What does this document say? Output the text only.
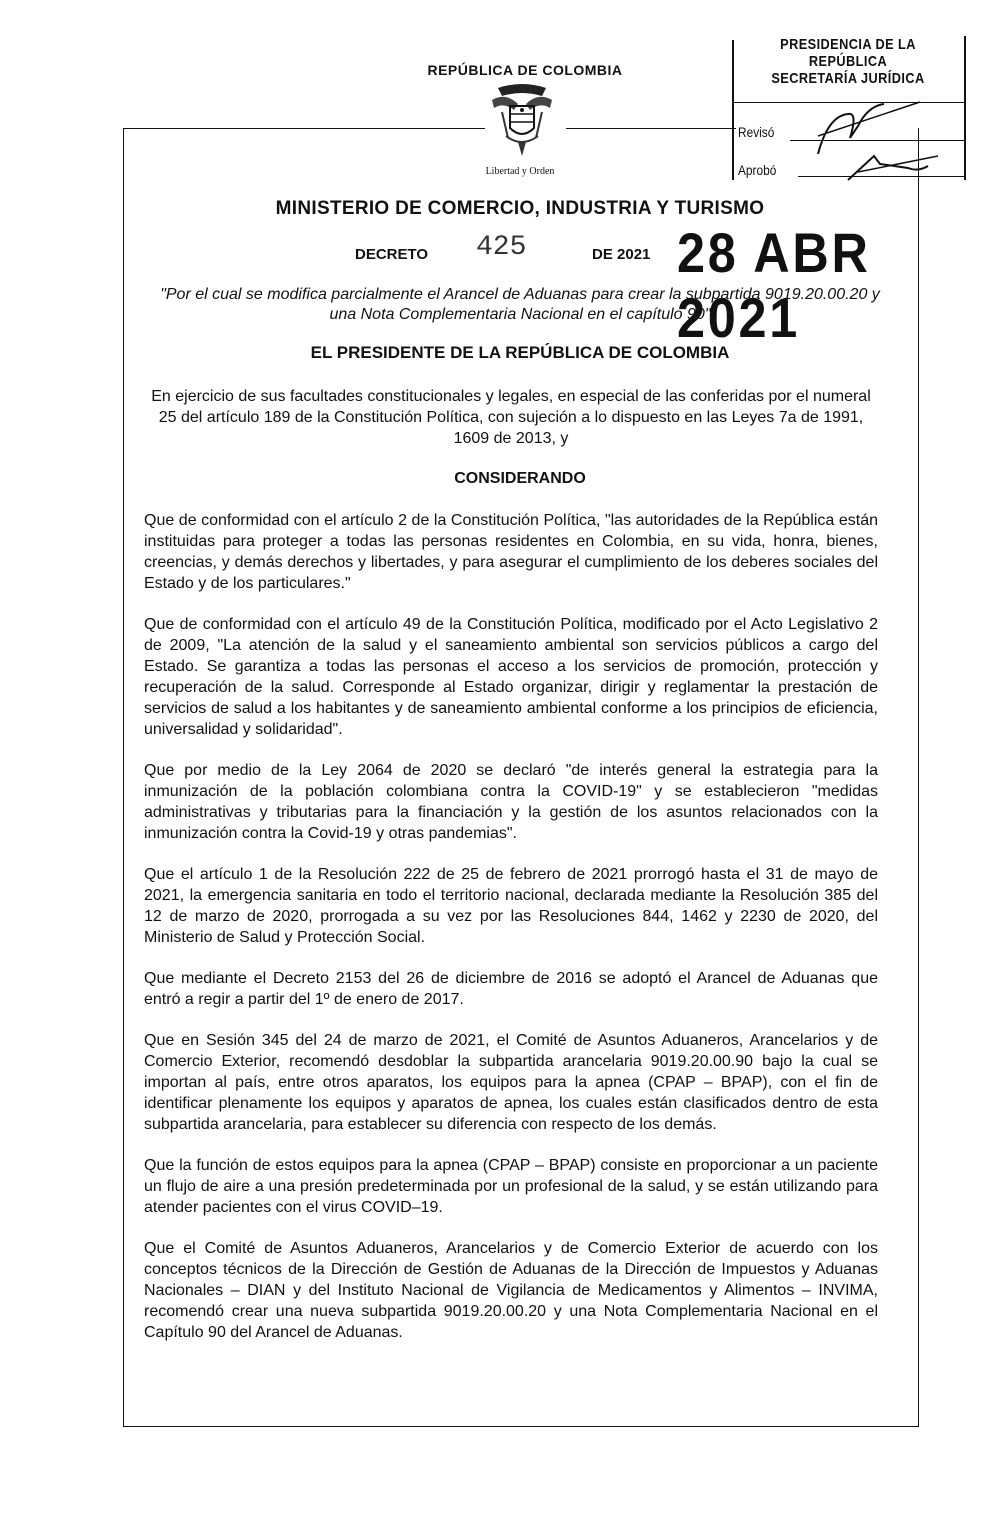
REPÚBLICA DE COLOMBIA
Libertad y Orden
PRESIDENCIA DE LA REPÚBLICA
SECRETARÍA JURÍDICA
Revisó
Aprobó
MINISTERIO DE COMERCIO, INDUSTRIA Y TURISMO
DECRETO 425	DE 2021 28 ABR 2021
"Por el cual se modifica parcialmente el Arancel de Aduanas para crear la subpartida 9019.20.00.20 y una Nota Complementaria Nacional en el capítulo 90"
EL PRESIDENTE DE LA REPÚBLICA DE COLOMBIA
En ejercicio de sus facultades constitucionales y legales, en especial de las conferidas por el numeral 25 del artículo 189 de la Constitución Política, con sujeción a lo dispuesto en las Leyes 7a de 1991, 1609 de 2013, y
CONSIDERANDO

Que de conformidad con el artículo 2 de la Constitución Política, "las autoridades de la República están instituidas para proteger a todas las personas residentes en Colombia, en su vida, honra, bienes, creencias, y demás derechos y libertades, y para asegurar el cumplimiento de los deberes sociales del Estado y de los particulares."

Que de conformidad con el artículo 49 de la Constitución Política, modificado por el Acto Legislativo 2 de 2009, "La atención de la salud y el saneamiento ambiental son servicios públicos a cargo del Estado. Se garantiza a todas las personas el acceso a los servicios de promoción, protección y recuperación de la salud. Corresponde al Estado organizar, dirigir y reglamentar la prestación de servicios de salud a los habitantes y de saneamiento ambiental conforme a los principios de eficiencia, universalidad y solidaridad".

Que por medio de la Ley 2064 de 2020 se declaró "de interés general la estrategia para la inmunización de la población colombiana contra la COVID-19" y se establecieron "medidas administrativas y tributarias para la financiación y la gestión de los asuntos relacionados con la inmunización contra la Covid-19 y otras pandemias".

Que el artículo 1 de la Resolución 222 de 25 de febrero de 2021 prorrogó hasta el 31 de mayo de 2021, la emergencia sanitaria en todo el territorio nacional, declarada mediante la Resolución 385 del 12 de marzo de 2020, prorrogada a su vez por las Resoluciones 844, 1462 y 2230 de 2020, del Ministerio de Salud y Protección Social.

Que mediante el Decreto 2153 del 26 de diciembre de 2016 se adoptó el Arancel de Aduanas que entró a regir a partir del 1º de enero de 2017.

Que en Sesión 345 del 24 de marzo de 2021, el Comité de Asuntos Aduaneros, Arancelarios y de Comercio Exterior, recomendó desdoblar la subpartida arancelaria 9019.20.00.90 bajo la cual se importan al país, entre otros aparatos, los equipos para la apnea (CPAP – BPAP), con el fin de identificar plenamente los equipos y aparatos de apnea, los cuales están clasificados dentro de esta subpartida arancelaria, para establecer su diferencia con respecto de los demás.

Que la función de estos equipos para la apnea (CPAP – BPAP) consiste en proporcionar a un paciente un flujo de aire a una presión predeterminada por un profesional de la salud, y se están utilizando para atender pacientes con el virus COVID–19.

Que el Comité de Asuntos Aduaneros, Arancelarios y de Comercio Exterior de acuerdo con los conceptos técnicos de la Dirección de Gestión de Aduanas de la Dirección de Impuestos y Aduanas Nacionales – DIAN y del Instituto Nacional de Vigilancia de Medicamentos y Alimentos – INVIMA, recomendó crear una nueva subpartida 9019.20.00.20 y una Nota Complementaria Nacional en el Capítulo 90 del Arancel de Aduanas.
